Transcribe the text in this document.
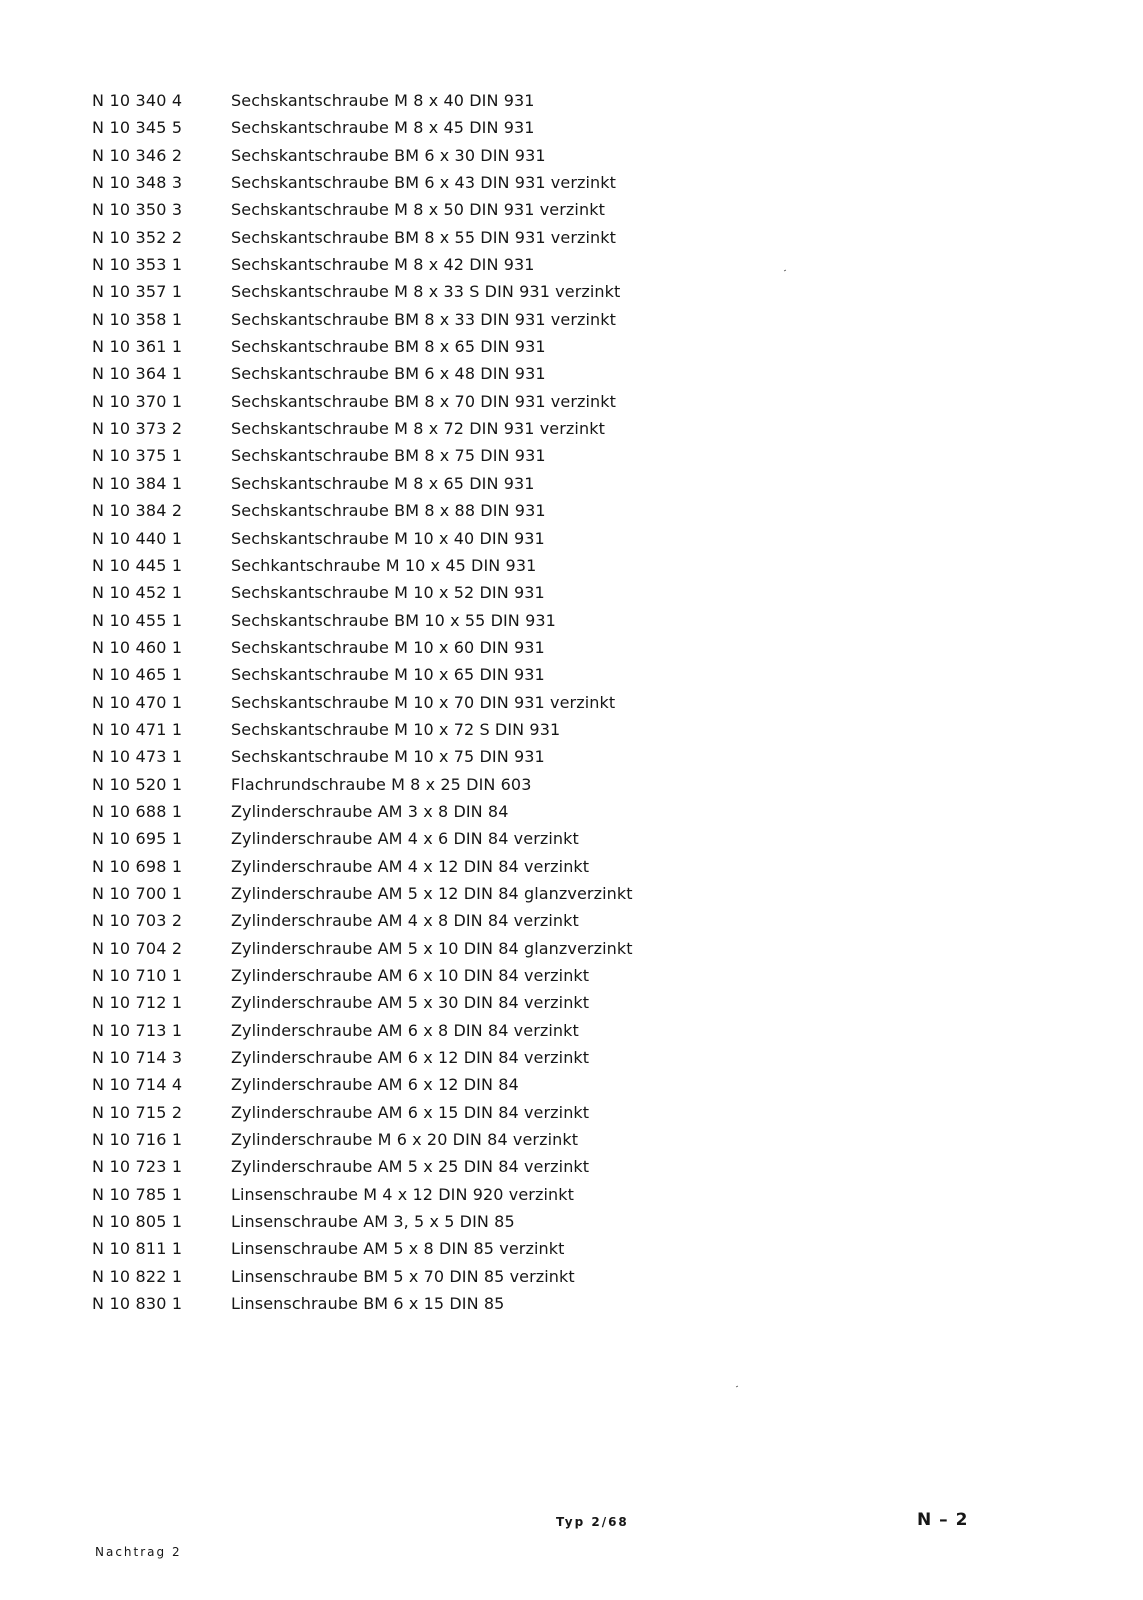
N 10 340 4	Sechskantschraube M 8 x 40 DIN 931
N 10 345 5	Sechskantschraube M 8 x 45 DIN 931
N 10 346 2	Sechskantschraube BM 6 x 30 DIN 931
N 10 348 3	Sechskantschraube BM 6 x 43 DIN 931 verzinkt
N 10 350 3	Sechskantschraube M 8 x 50 DIN 931 verzinkt
N 10 352 2	Sechskantschraube BM 8 x 55 DIN 931 verzinkt
N 10 353 1	Sechskantschraube M 8 x 42 DIN 931
N 10 357 1	Sechskantschraube M 8 x 33 S DIN 931 verzinkt
N 10 358 1	Sechskantschraube BM 8 x 33 DIN 931 verzinkt
N 10 361 1	Sechskantschraube BM 8 x 65 DIN 931
N 10 364 1	Sechskantschraube BM 6 x 48 DIN 931
N 10 370 1	Sechskantschraube BM 8 x 70 DIN 931 verzinkt
N 10 373 2	Sechskantschraube M 8 x 72 DIN 931 verzinkt
N 10 375 1	Sechskantschraube BM 8 x 75 DIN 931
N 10 384 1	Sechskantschraube M 8 x 65 DIN 931
N 10 384 2	Sechskantschraube BM 8 x 88 DIN 931
N 10 440 1	Sechskantschraube M 10 x 40 DIN 931
N 10 445 1	Sechkantschraube M 10 x 45 DIN 931
N 10 452 1	Sechskantschraube M 10 x 52 DIN 931
N 10 455 1	Sechskantschraube BM 10 x 55 DIN 931
N 10 460 1	Sechskantschraube M 10 x 60 DIN 931
N 10 465 1	Sechskantschraube M 10 x 65 DIN 931
N 10 470 1	Sechskantschraube M 10 x 70 DIN 931 verzinkt
N 10 471 1	Sechskantschraube M 10 x 72 S DIN 931
N 10 473 1	Sechskantschraube M 10 x 75 DIN 931
N 10 520 1	Flachrundschraube M 8 x 25 DIN 603
N 10 688 1	Zylinderschraube AM 3 x 8 DIN 84
N 10 695 1	Zylinderschraube AM 4 x 6 DIN 84 verzinkt
N 10 698 1	Zylinderschraube AM 4 x 12 DIN 84 verzinkt
N 10 700 1	Zylinderschraube AM 5 x 12 DIN 84 glanzverzinkt
N 10 703 2	Zylinderschraube AM 4 x 8 DIN 84 verzinkt
N 10 704 2	Zylinderschraube AM 5 x 10 DIN 84 glanzverzinkt
N 10 710 1	Zylinderschraube AM 6 x 10 DIN 84 verzinkt
N 10 712 1	Zylinderschraube AM 5 x 30 DIN 84 verzinkt
N 10 713 1	Zylinderschraube AM 6 x 8 DIN 84 verzinkt
N 10 714 3	Zylinderschraube AM 6 x 12 DIN 84 verzinkt
N 10 714 4	Zylinderschraube AM 6 x 12 DIN 84
N 10 715 2	Zylinderschraube AM 6 x 15 DIN 84 verzinkt
N 10 716 1	Zylinderschraube M 6 x 20 DIN 84 verzinkt
N 10 723 1	Zylinderschraube AM 5 x 25 DIN 84 verzinkt
N 10 785 1	Linsenschraube M 4 x 12 DIN 920 verzinkt
N 10 805 1	Linsenschraube AM 3, 5 x 5 DIN 85
N 10 811 1	Linsenschraube AM 5 x 8 DIN 85 verzinkt
N 10 822 1	Linsenschraube BM 5 x 70 DIN 85 verzinkt
N 10 830 1	Linsenschraube BM 6 x 15 DIN 85
Typ 2/68	N – 2
Nachtrag 2
